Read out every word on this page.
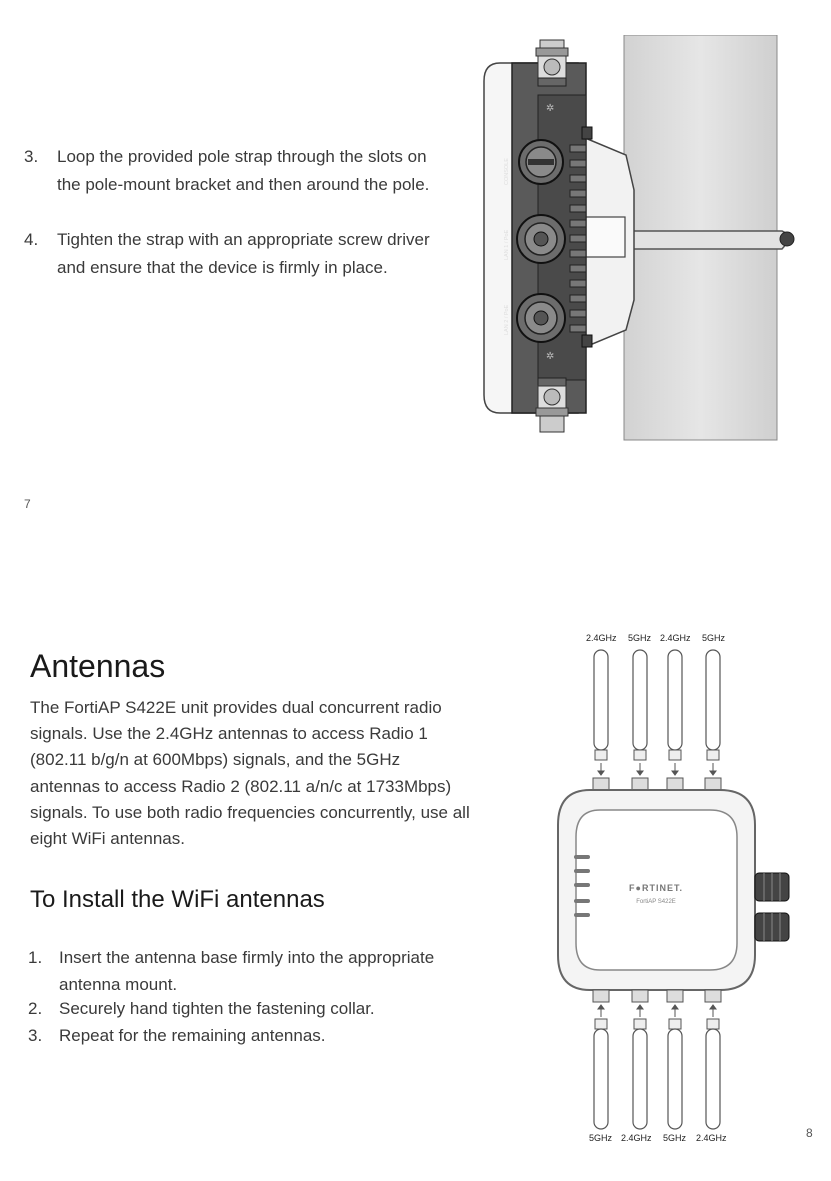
3. Loop the provided pole strap through the slots on the pole-mount bracket and then around the pole.
4. Tighten the strap with an appropriate screw driver and ensure that the device is firmly in place.
CONSOLE
LAN 1 / PoE
LAN 2 / PoE
✲
✲
7
Antennas
The FortiAP S422E unit provides dual concurrent radio signals. Use the 2.4GHz antennas to access Radio 1 (802.11 b/g/n at 600Mbps) signals, and the 5GHz antennas to access Radio 2 (802.11 a/n/c at 1733Mbps) signals. To use both radio frequencies concurrently, use all eight WiFi antennas.
To Install the WiFi antennas
1. Insert the antenna base firmly into the appropriate antenna mount.
2. Securely hand tighten the fastening collar.
3. Repeat for the remaining antennas.
2.4GHz 5GHz 2.4GHz 5GHz
5GHz 2.4GHz 5GHz 2.4GHz
F●RTINET.
FortiAP S422E
8
